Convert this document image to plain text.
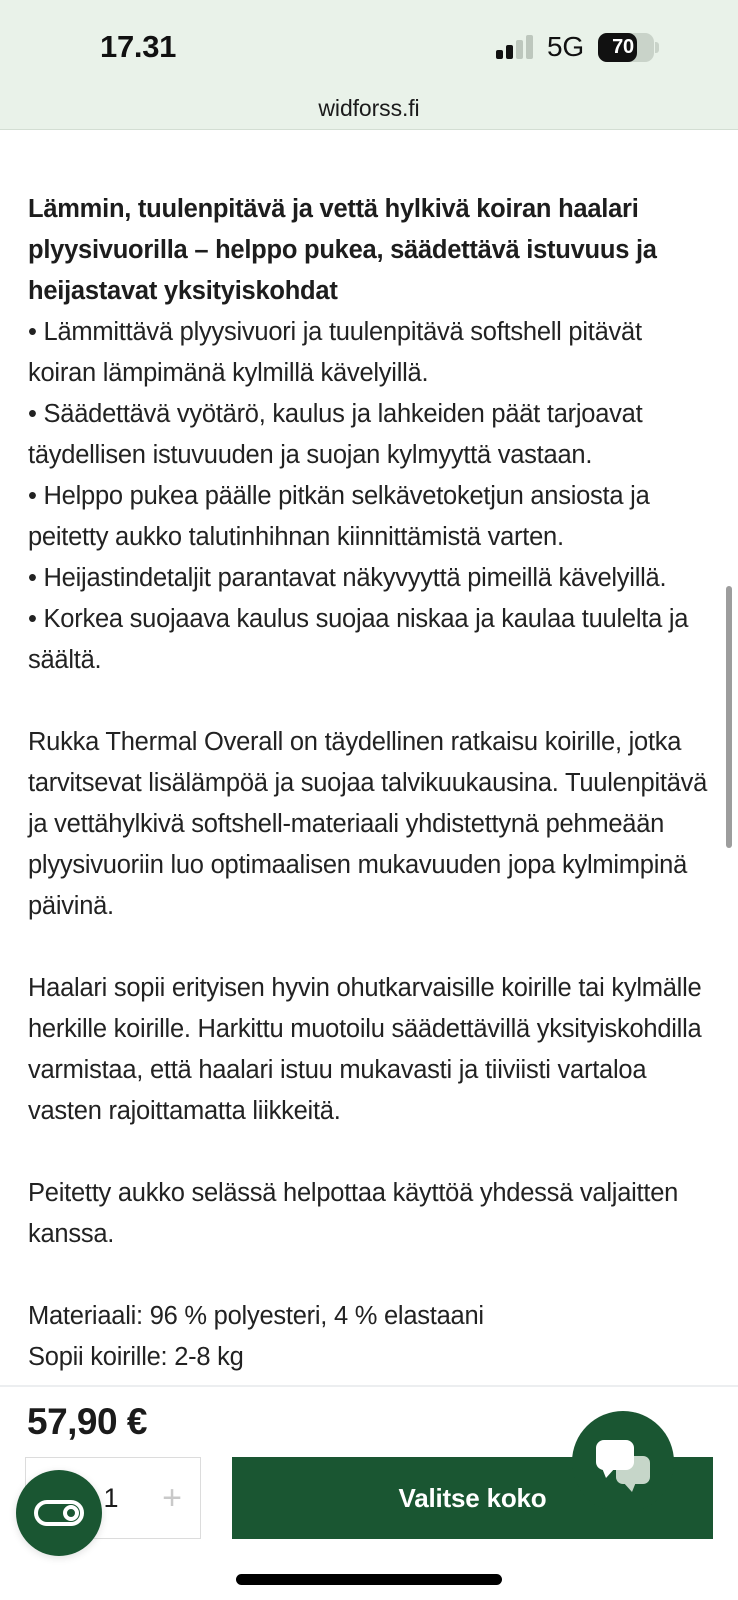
17.31	5G	70
widforss.fi
Lämmin, tuulenpitävä ja vettä hylkivä koiran haalari plyysivuorilla – helppo pukea, säädettävä istuvuus ja heijastavat yksityiskohdat
• Lämmittävä plyysivuori ja tuulenpitävä softshell pitävät koiran lämpimänä kylmillä kävelyillä.
• Säädettävä vyötärö, kaulus ja lahkeiden päät tarjoavat täydellisen istuvuuden ja suojan kylmyyttä vastaan.
• Helppo pukea päälle pitkän selkävetoketjun ansiosta ja peitetty aukko talutinhihnan kiinnittämistä varten.
• Heijastindetaljit parantavat näkyvyyttä pimeillä kävelyillä.
• Korkea suojaava kaulus suojaa niskaa ja kaulaa tuulelta ja säältä.
Rukka Thermal Overall on täydellinen ratkaisu koirille, jotka tarvitsevat lisälämpöä ja suojaa talvikuukausina. Tuulenpitävä ja vettähylkivä softshell-materiaali yhdistettynä pehmeään plyysivuoriin luo optimaalisen mukavuuden jopa kylmimpinä päivinä.
Haalari sopii erityisen hyvin ohutkarvaisille koirille tai kylmälle herkille koirille. Harkittu muotoilu säädettävillä yksityiskohdilla varmistaa, että haalari istuu mukavasti ja tiiviisti vartaloa vasten rajoittamatta liikkeitä.
Peitetty aukko selässä helpottaa käyttöä yhdessä valjaitten kanssa.
Materiaali: 96 % polyesteri, 4 % elastaani
Sopii koirille: 2-8 kg
57,90 €
1 +	Valitse koko
